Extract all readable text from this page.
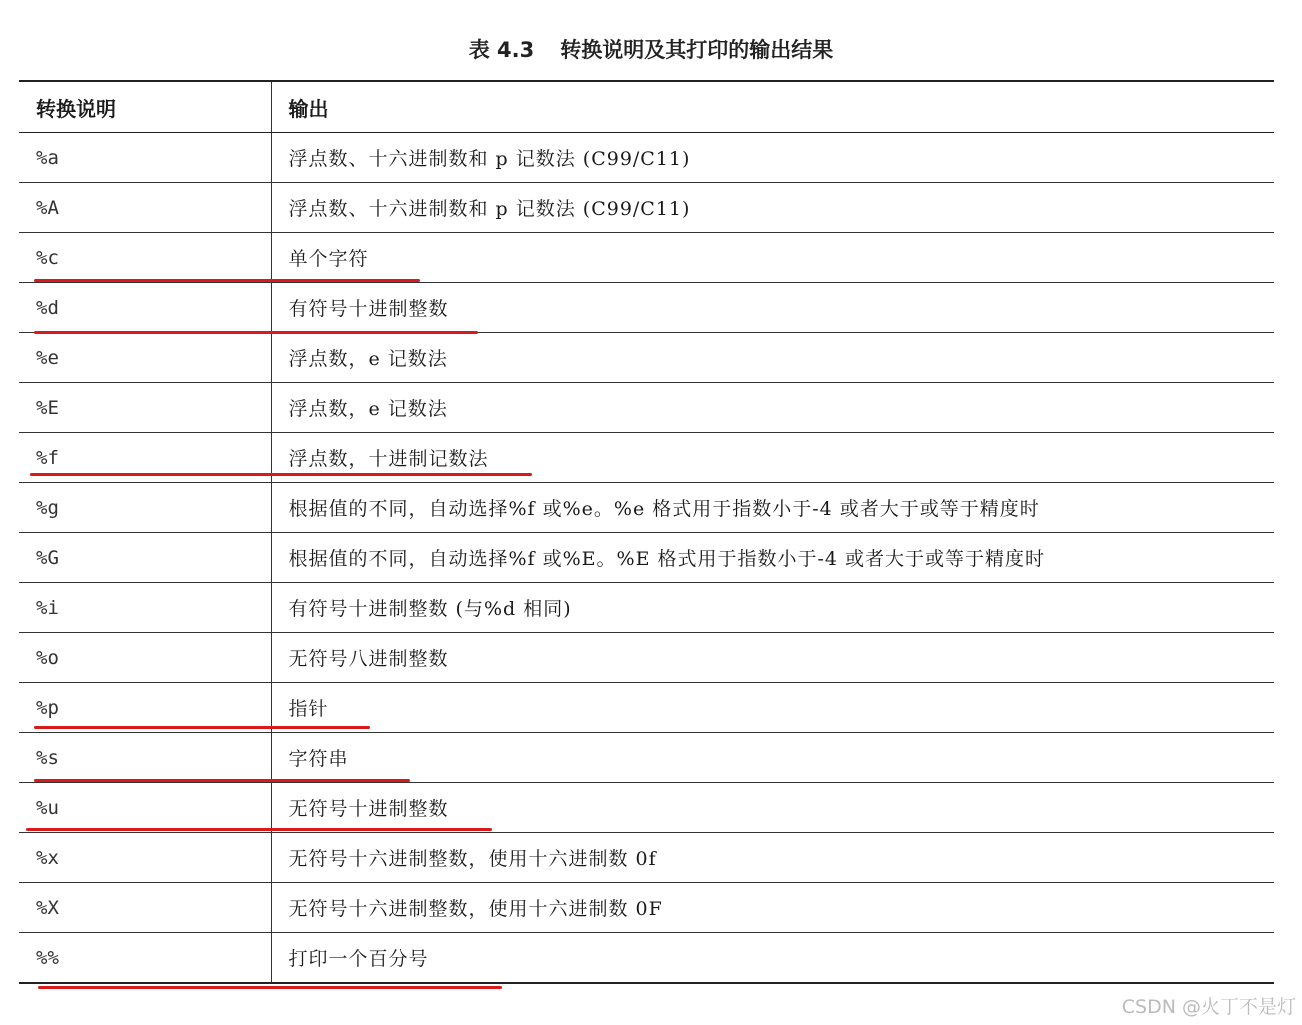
表 4.3 转换说明及其打印的输出结果
转换说明	输出
%a	浮点数、十六进制数和 p 记数法 (C99/C11)
%A	浮点数、十六进制数和 p 记数法 (C99/C11)
%c	单个字符
%d	有符号十进制整数
%e	浮点数，e 记数法
%E	浮点数，e 记数法
%f	浮点数，十进制记数法
%g	根据值的不同，自动选择%f 或%e。%e 格式用于指数小于-4 或者大于或等于精度时
%G	根据值的不同，自动选择%f 或%E。%E 格式用于指数小于-4 或者大于或等于精度时
%i	有符号十进制整数 (与%d 相同)
%o	无符号八进制整数
%p	指针
%s	字符串
%u	无符号十进制整数
%x	无符号十六进制整数，使用十六进制数 0f
%X	无符号十六进制整数，使用十六进制数 0F
%%	打印一个百分号
CSDN @火丁不是灯
